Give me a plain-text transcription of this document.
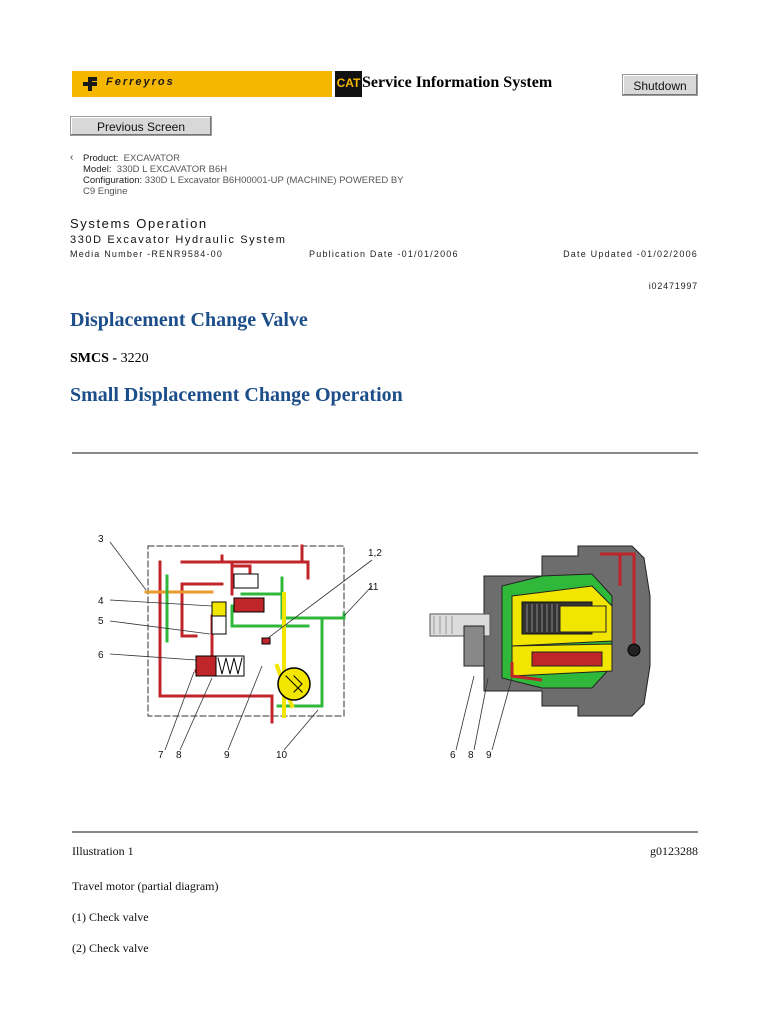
Ferreyros	CAT Service Information System	Shutdown
Previous Screen
‹ Product: EXCAVATOR
Model: 330D L EXCAVATOR B6H
Configuration: 330D L Excavator B6H00001-UP (MACHINE) POWERED BY
C9 Engine
Systems Operation
330D Excavator Hydraulic System
Media Number -RENR9584-00	Publication Date -01/01/2006	Date Updated -01/02/2006
i02471997
Displacement Change Valve
SMCS - 3220
Small Displacement Change Operation
3
4
5
6
1,2
11
7 8	9	10	6 8 9
Illustration 1	g0123288
Travel motor (partial diagram)
(1) Check valve
(2) Check valve
